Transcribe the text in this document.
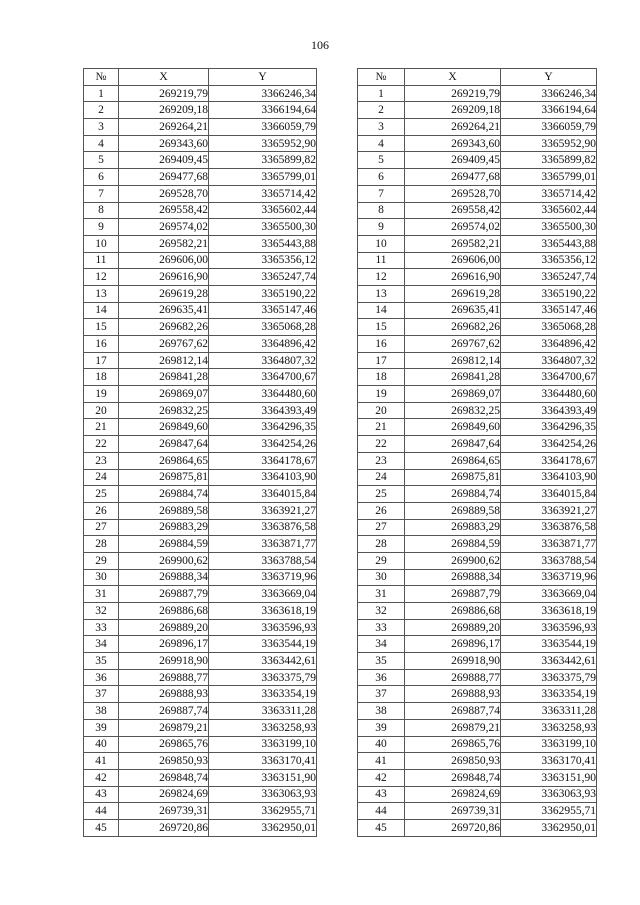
106
№	X	Y
1	269219,79	3366246,34
2	269209,18	3366194,64
3	269264,21	3366059,79
4	269343,60	3365952,90
5	269409,45	3365899,82
6	269477,68	3365799,01
7	269528,70	3365714,42
8	269558,42	3365602,44
9	269574,02	3365500,30
10	269582,21	3365443,88
11	269606,00	3365356,12
12	269616,90	3365247,74
13	269619,28	3365190,22
14	269635,41	3365147,46
15	269682,26	3365068,28
16	269767,62	3364896,42
17	269812,14	3364807,32
18	269841,28	3364700,67
19	269869,07	3364480,60
20	269832,25	3364393,49
21	269849,60	3364296,35
22	269847,64	3364254,26
23	269864,65	3364178,67
24	269875,81	3364103,90
25	269884,74	3364015,84
26	269889,58	3363921,27
27	269883,29	3363876,58
28	269884,59	3363871,77
29	269900,62	3363788,54
30	269888,34	3363719,96
31	269887,79	3363669,04
32	269886,68	3363618,19
33	269889,20	3363596,93
34	269896,17	3363544,19
35	269918,90	3363442,61
36	269888,77	3363375,79
37	269888,93	3363354,19
38	269887,74	3363311,28
39	269879,21	3363258,93
40	269865,76	3363199,10
41	269850,93	3363170,41
42	269848,74	3363151,90
43	269824,69	3363063,93
44	269739,31	3362955,71
45	269720,86	3362950,01
№	X	Y
1	269219,79	3366246,34
2	269209,18	3366194,64
3	269264,21	3366059,79
4	269343,60	3365952,90
5	269409,45	3365899,82
6	269477,68	3365799,01
7	269528,70	3365714,42
8	269558,42	3365602,44
9	269574,02	3365500,30
10	269582,21	3365443,88
11	269606,00	3365356,12
12	269616,90	3365247,74
13	269619,28	3365190,22
14	269635,41	3365147,46
15	269682,26	3365068,28
16	269767,62	3364896,42
17	269812,14	3364807,32
18	269841,28	3364700,67
19	269869,07	3364480,60
20	269832,25	3364393,49
21	269849,60	3364296,35
22	269847,64	3364254,26
23	269864,65	3364178,67
24	269875,81	3364103,90
25	269884,74	3364015,84
26	269889,58	3363921,27
27	269883,29	3363876,58
28	269884,59	3363871,77
29	269900,62	3363788,54
30	269888,34	3363719,96
31	269887,79	3363669,04
32	269886,68	3363618,19
33	269889,20	3363596,93
34	269896,17	3363544,19
35	269918,90	3363442,61
36	269888,77	3363375,79
37	269888,93	3363354,19
38	269887,74	3363311,28
39	269879,21	3363258,93
40	269865,76	3363199,10
41	269850,93	3363170,41
42	269848,74	3363151,90
43	269824,69	3363063,93
44	269739,31	3362955,71
45	269720,86	3362950,01
